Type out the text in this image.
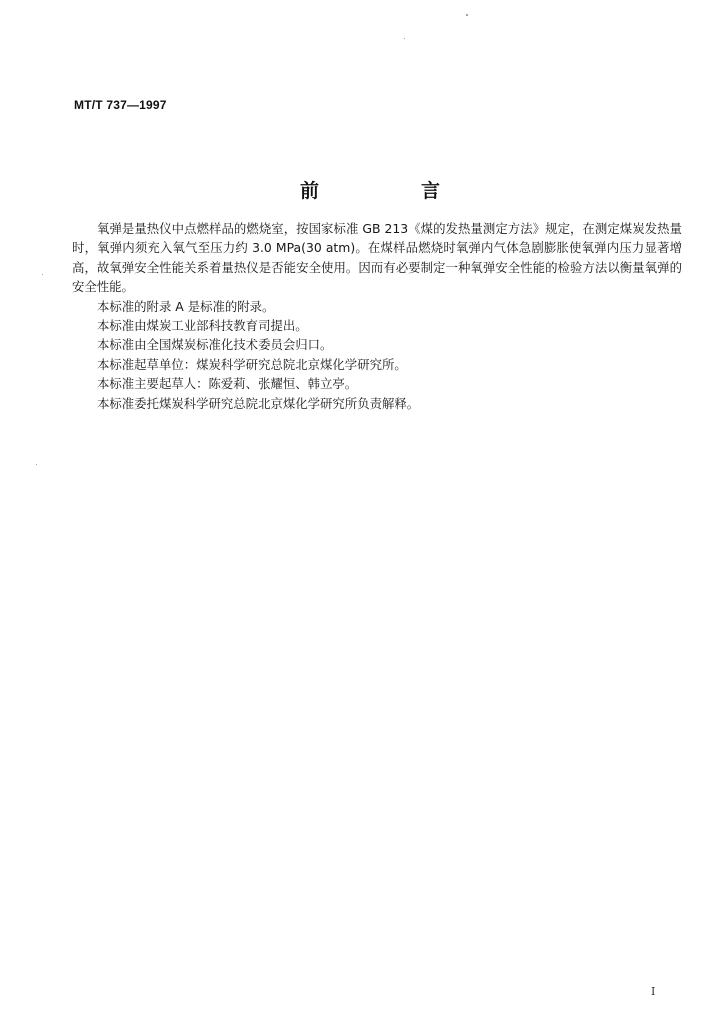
MT/T 737—1997
前	言

氧弹是量热仪中点燃样品的燃烧室，按国家标准 GB 213《煤的发热量测定方法》规定，在测定煤炭发热量时，氧弹内须充入氧气至压力约 3.0 MPa(30 atm)。在煤样品燃烧时氧弹内气体急剧膨胀使氧弹内压力显著增高，故氧弹安全性能关系着量热仪是否能安全使用。因而有必要制定一种氧弹安全性能的检验方法以衡量氧弹的安全性能。

本标准的附录 A 是标准的附录。

本标准由煤炭工业部科技教育司提出。

本标准由全国煤炭标准化技术委员会归口。

本标准起草单位：煤炭科学研究总院北京煤化学研究所。

本标准主要起草人：陈爱莉、张耀恒、韩立亭。

本标准委托煤炭科学研究总院北京煤化学研究所负责解释。

I
